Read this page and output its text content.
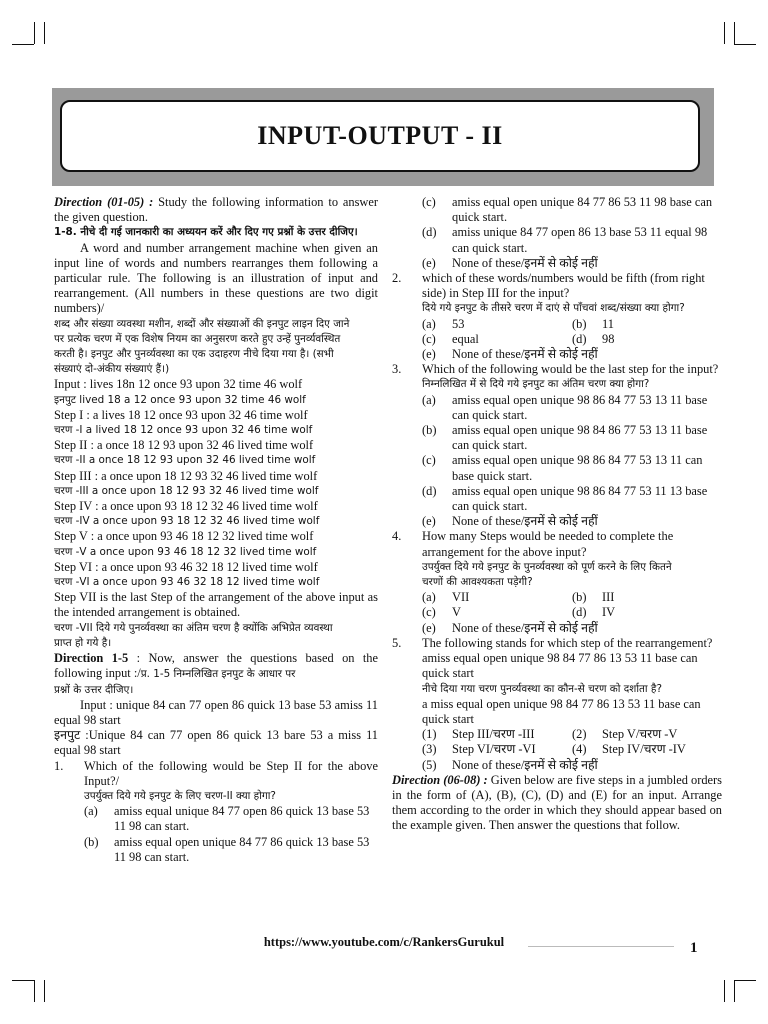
INPUT-OUTPUT - II

Direction (01-05) : Study the following information to answer the given question.

1-8. नीचे दी गई जानकारी का अध्ययन करें और दिए गए प्रश्नों के उत्तर दीजिए।

A word and number arrangement machine when given an input line of words and numbers rearranges them following a particular rule. The following is an illustration of input and rearrangement. (All numbers in these questions are two digit numbers)/

शब्द और संख्या व्यवस्था मशीन, शब्दों और संख्याओं की इनपुट लाइन दिए जाने

पर प्रत्येक चरण में एक विशेष नियम का अनुसरण करते हुए उन्हें पुनर्व्यवस्थित

करती है। इनपुट और पुनर्व्यवस्था का एक उदाहरण नीचे दिया गया है। (सभी

संख्याएं दो-अंकीय संख्याएं हैं।)

Input : lives 18n 12 once 93 upon 32 time 46 wolf

इनपुट lived 18 a 12 once 93 upon 32 time 46 wolf

Step I : a lives 18 12 once 93 upon 32 46 time wolf

चरण -I a lived 18 12 once 93 upon 32 46 time wolf

Step II : a once 18 12 93 upon 32 46 lived time wolf

चरण -II a once 18 12 93 upon 32 46 lived time wolf

Step III : a once upon 18 12 93 32 46 lived time wolf

चरण -III a once upon 18 12 93 32 46 lived time wolf

Step IV : a once upon 93 18 12 32 46 lived time wolf

चरण -IV a once upon 93 18 12 32 46 lived time wolf

Step V : a once upon 93 46 18 12 32 lived time wolf

चरण -V a once upon 93 46 18 12 32 lived time wolf

Step VI : a once upon 93 46 32 18 12 lived time wolf

चरण -VI a once upon 93 46 32 18 12 lived time wolf

Step VII is the last Step of the arrangement of the above input as the intended arrangement is obtained.

चरण -VII दिये गये पुनर्व्यवस्था का अंतिम चरण है क्योंकि अभिप्रेत व्यवस्था

प्राप्त हो गये है।

Direction 1-5 : Now, answer the questions based on the following input :/प्र. 1-5 निम्नलिखित इनपुट के आधार पर

प्रश्नों के उत्तर दीजिए।

Input : unique 84 can 77 open 86 quick 13 base 53 amiss 11 equal 98 start

इनपुट :Unique 84 can 77 open 86 quick 13 bare 53 a miss 11 equal 98 start

1.	Which of the following would be Step II for the above Input?/

उपर्युक्त दिये गये इनपुट के लिए चरण-II क्या होगा?

(a)	amiss equal unique 84 77 open 86 quick 13 base 53 11 98 can start.
(b)	amiss equal open unique 84 77 86 quick 13 base 53 11 98 can start.
(c)	amiss equal open unique 84 77 86 53 11 98 base can quick start.
(d)	amiss unique 84 77 open 86 13 base 53 11 equal 98 can quick start.
(e)	None of these/इनमें से कोई नहीं
2.	which of these words/numbers would be fifth (from right side) in Step III for the input?

दिये गये इनपुट के तीसरे चरण में दाएं से पाँचवां शब्द/संख्या क्या होगा?

(a)	53	(b)	11
(c)	equal	(d)	98
(e)	None of these/इनमें से कोई नहीं
3.	Which of the following would be the last step for the input?

निम्नलिखित में से दिये गये इनपुट का अंतिम चरण क्या होगा?

(a)	amiss equal open unique 98 86 84 77 53 13 11 base can quick start.
(b)	amiss equal open unique 98 84 86 77 53 13 11 base can quick start.
(c)	amiss equal open unique 98 86 84 77 53 13 11 can base quick start.
(d)	amiss equal open unique 98 86 84 77 53 11 13 base can quick start.
(e)	None of these/इनमें से कोई नहीं
4.	How many Steps would be needed to complete the arrangement for the above input?

उपर्युक्त दिये गये इनपुट के पुनर्व्यवस्था को पूर्ण करने के लिए कितने

चरणों की आवश्यकता पड़ेगी?

(a)	VII	(b)	III
(c)	V	(d)	IV
(e)	None of these/इनमें से कोई नहीं
5.	The following stands for which step of the rearrangement?

amiss equal open unique 98 84 77 86 13 53 11 base can quick start

नीचे दिया गया चरण पुनर्व्यवस्था का कौन-से चरण को दर्शाता है?

a miss equal open unique 98 84 77 86 13 53 11 base can quick start

(1)	Step III/चरण -III	(2)	Step V/चरण -V
(3)	Step VI/चरण -VI	(4)	Step IV/चरण -IV
(5)	None of these/इनमें से कोई नहीं

Direction (06-08) : Given below are five steps in a jumbled orders in the form of (A), (B), (C), (D) and (E) for an input. Arrange them according to the order in which they should appear based on the example given. Then answer the questions that follow.

https://www.youtube.com/c/RankersGurukul	1
